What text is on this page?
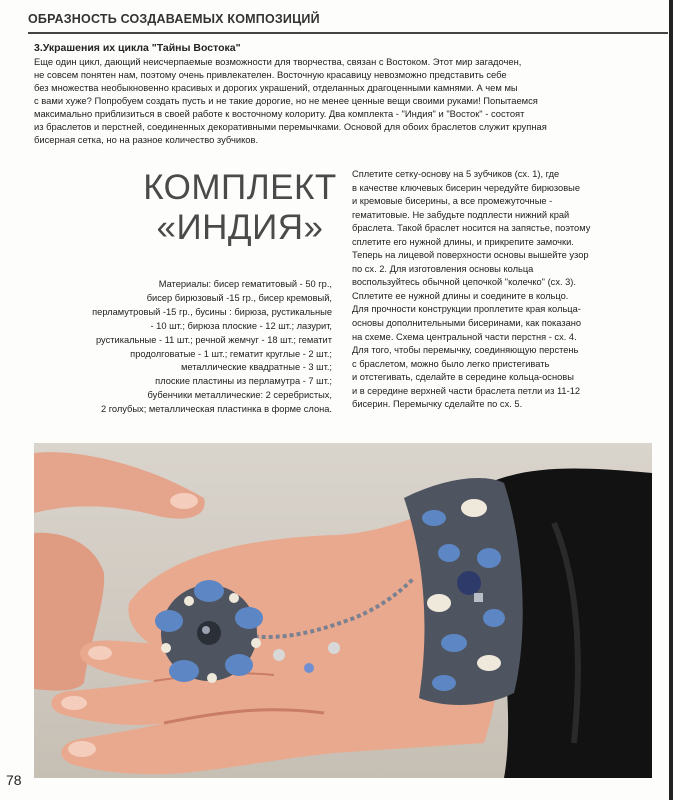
ОБРАЗНОСТЬ СОЗДАВАЕМЫХ КОМПОЗИЦИЙ
3.Украшения их цикла "Тайны Востока"

Еще один цикл, дающий неисчерпаемые возможности для творчества, связан с Востоком. Этот мир загадочен,

не совсем понятен нам, поэтому очень привлекателен. Восточную красавицу невозможно представить себе

без множества необыкновенно красивых и дорогих украшений, отделанных драгоценными камнями. А чем мы

с вами хуже? Попробуем создать пусть и не такие дорогие, но не менее ценные вещи своими руками! Попытаемся

максимально приблизиться в своей работе к восточному колориту. Два комплекта - "Индия" и "Восток" - состоят

из браслетов и перстней, соединенных декоративными перемычками. Основой для обоих браслетов служит крупная

бисерная сетка, но на разное количество зубчиков.

КОМПЛЕКТ
«ИНДИЯ»

Материалы: бисер гематитовый - 50 гр.,

бисер бирюзовый -15 гр., бисер кремовый,

перламутровый -15 гр., бусины : бирюза, рустикальные

- 10 шт.; бирюза плоские - 12 шт.; лазурит,

рустикальные - 11 шт.; речной жемчуг - 18 шт.; гематит

продолговатые - 1 шт.; гематит круглые - 2 шт.;

металлические квадратные - 3 шт.;

плоские пластины из перламутра - 7 шт.;

бубенчики металлические: 2 серебристых,

2 голубых; металлическая пластинка в форме слона.

Сплетите сетку-основу на 5 зубчиков (сх. 1), где

в качестве ключевых бисерин чередуйте бирюзовые

и кремовые бисерины, а все промежуточные -

гематитовые. Не забудьте подплести нижний край

браслета. Такой браслет носится на запястье, поэтому

сплетите его нужной длины, и прикрепите замочки.

Теперь на лицевой поверхности основы вышейте узор

по сх. 2. Для изготовления основы кольца

воспользуйтесь обычной цепочкой "колечко" (сх. 3).

Сплетите ее нужной длины и соедините в кольцо.

Для прочности конструкции проплетите края кольца-

основы дополнительными бисеринами, как показано

на схеме. Схема центральной части перстня - сх. 4.

Для того, чтобы перемычку, соединяющую перстень

с браслетом, можно было легко пристегивать

и отстегивать, сделайте в середине кольца-основы

и в середине верхней части браслета петли из 11-12

бисерин. Перемычку сделайте по сх. 5.

78
